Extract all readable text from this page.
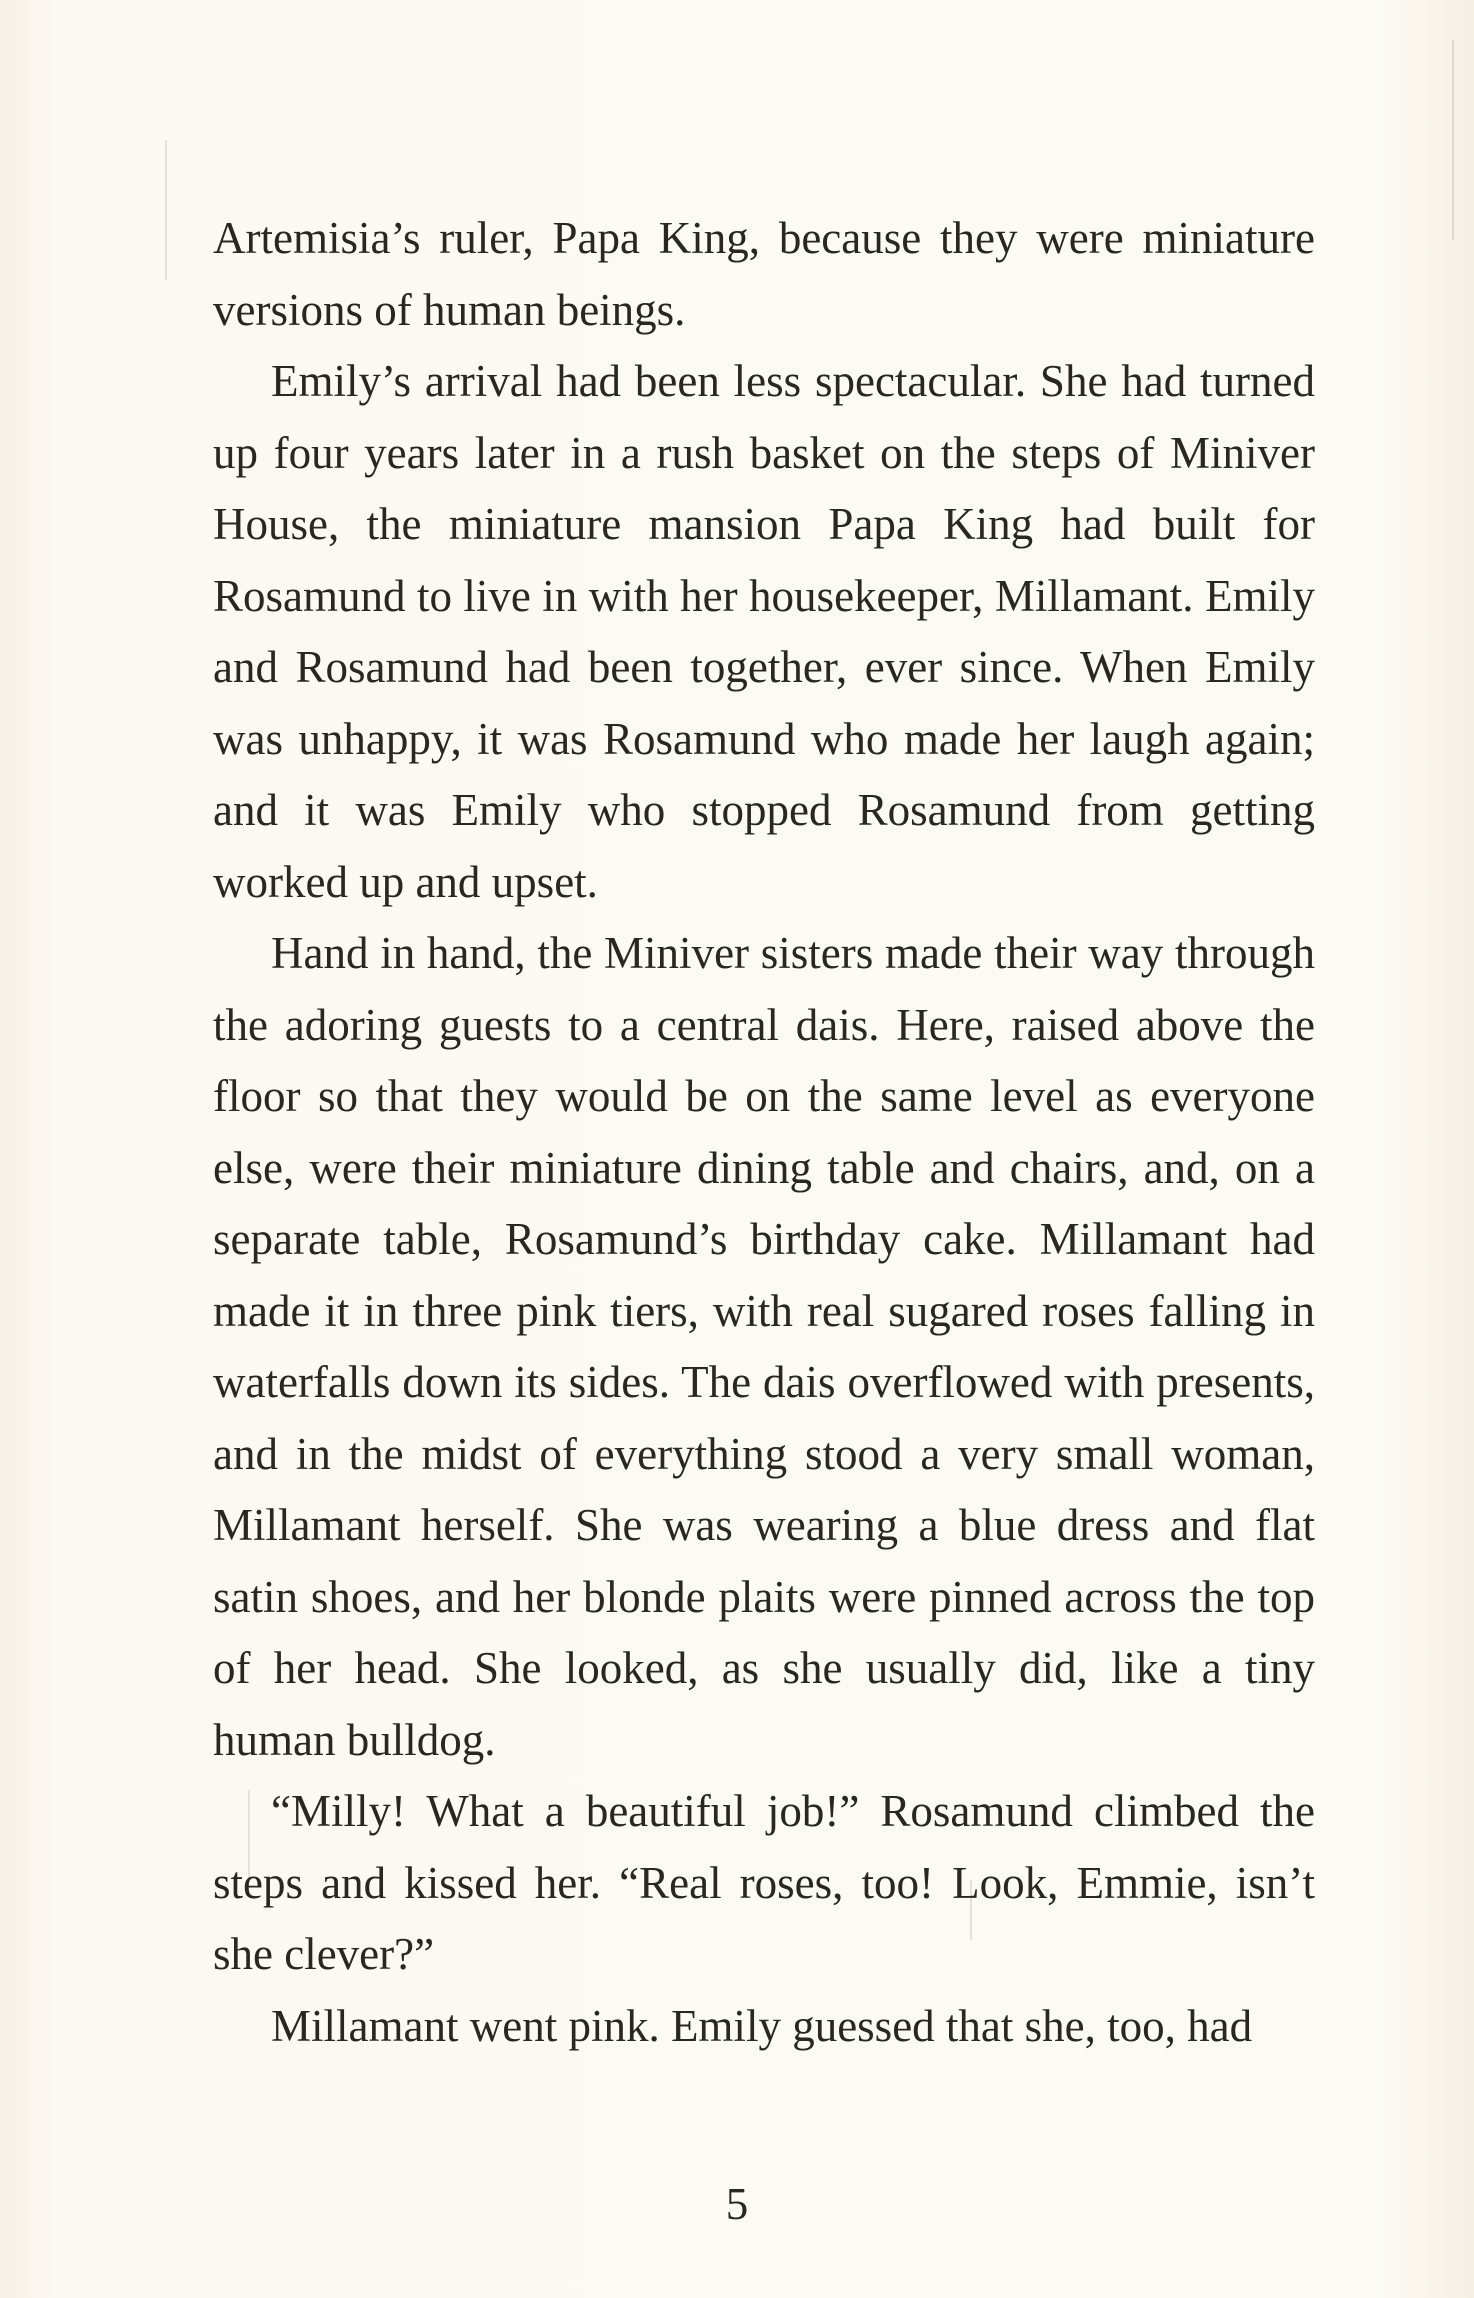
Artemisia’s ruler, Papa King, because they were miniature versions of human beings.

Emily’s arrival had been less spectacular. She had turned up four years later in a rush basket on the steps of Miniver House, the miniature mansion Papa King had built for Rosamund to live in with her housekeeper, Millamant. Emily and Rosamund had been together, ever since. When Emily was unhappy, it was Rosamund who made her laugh again; and it was Emily who stopped Rosamund from getting worked up and upset.

Hand in hand, the Miniver sisters made their way through the adoring guests to a central dais. Here, raised above the floor so that they would be on the same level as everyone else, were their miniature dining table and chairs, and, on a separate table, Rosamund’s birthday cake. Millamant had made it in three pink tiers, with real sugared roses falling in waterfalls down its sides. The dais overflowed with presents, and in the midst of everything stood a very small woman, Millamant herself. She was wearing a blue dress and flat satin shoes, and her blonde plaits were pinned across the top of her head. She looked, as she usually did, like a tiny human bulldog.

“Milly! What a beautiful job!” Rosamund climbed the steps and kissed her. “Real roses, too! Look, Emmie, isn’t she clever?”

Millamant went pink. Emily guessed that she, too, had

5
